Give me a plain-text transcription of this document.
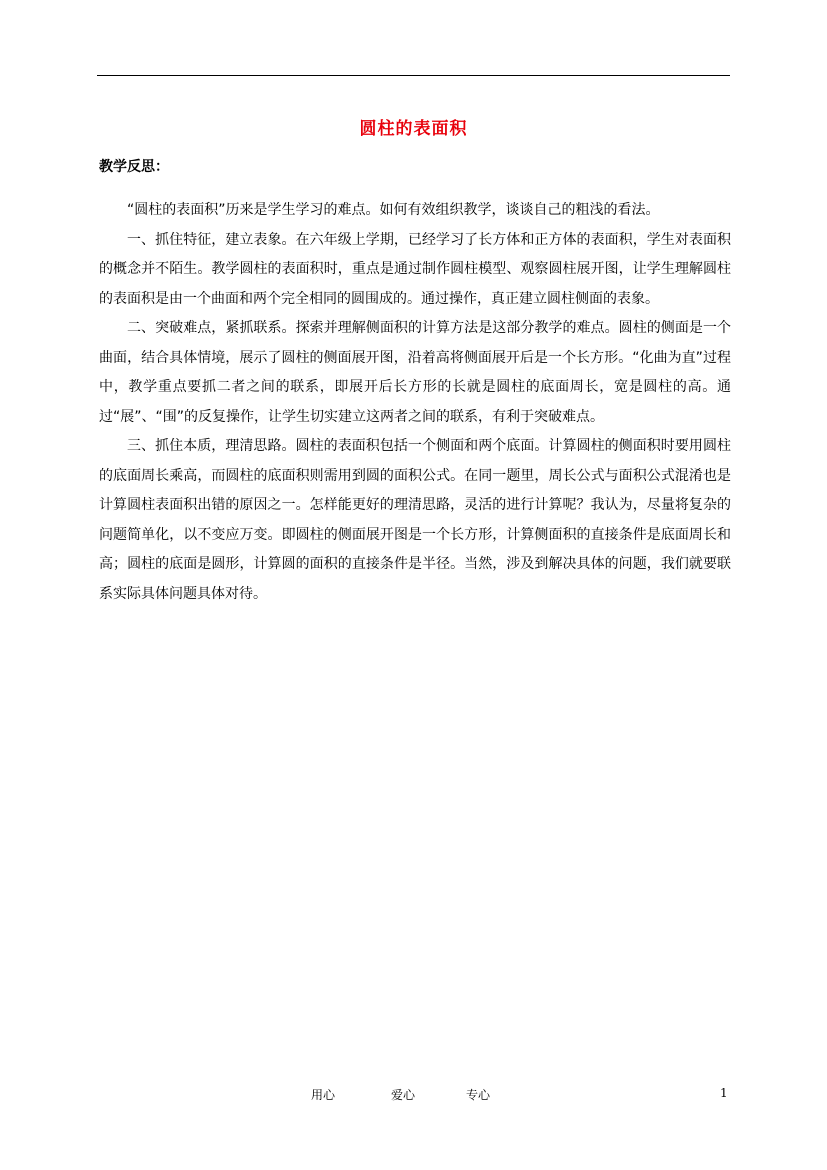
圆柱的表面积
教学反思：

“圆柱的表面积”历来是学生学习的难点。如何有效组织教学，谈谈自己的粗浅的看法。

一、抓住特征，建立表象。在六年级上学期，已经学习了长方体和正方体的表面积，学生对表面积的概念并不陌生。教学圆柱的表面积时，重点是通过制作圆柱模型、观察圆柱展开图，让学生理解圆柱的表面积是由一个曲面和两个完全相同的圆围成的。通过操作，真正建立圆柱侧面的表象。

二、突破难点，紧抓联系。探索并理解侧面积的计算方法是这部分教学的难点。圆柱的侧面是一个曲面，结合具体情境，展示了圆柱的侧面展开图，沿着高将侧面展开后是一个长方形。“化曲为直”过程中，教学重点要抓二者之间的联系，即展开后长方形的长就是圆柱的底面周长，宽是圆柱的高。通过“展”、“围”的反复操作，让学生切实建立这两者之间的联系，有利于突破难点。

三、抓住本质，理清思路。圆柱的表面积包括一个侧面和两个底面。计算圆柱的侧面积时要用圆柱的底面周长乘高，而圆柱的底面积则需用到圆的面积公式。在同一题里，周长公式与面积公式混淆也是计算圆柱表面积出错的原因之一。怎样能更好的理清思路，灵活的进行计算呢？我认为，尽量将复杂的问题简单化，以不变应万变。即圆柱的侧面展开图是一个长方形，计算侧面积的直接条件是底面周长和高；圆柱的底面是圆形，计算圆的面积的直接条件是半径。当然，涉及到解决具体的问题，我们就要联系实际具体问题具体对待。

用心	爱心	专心	1
